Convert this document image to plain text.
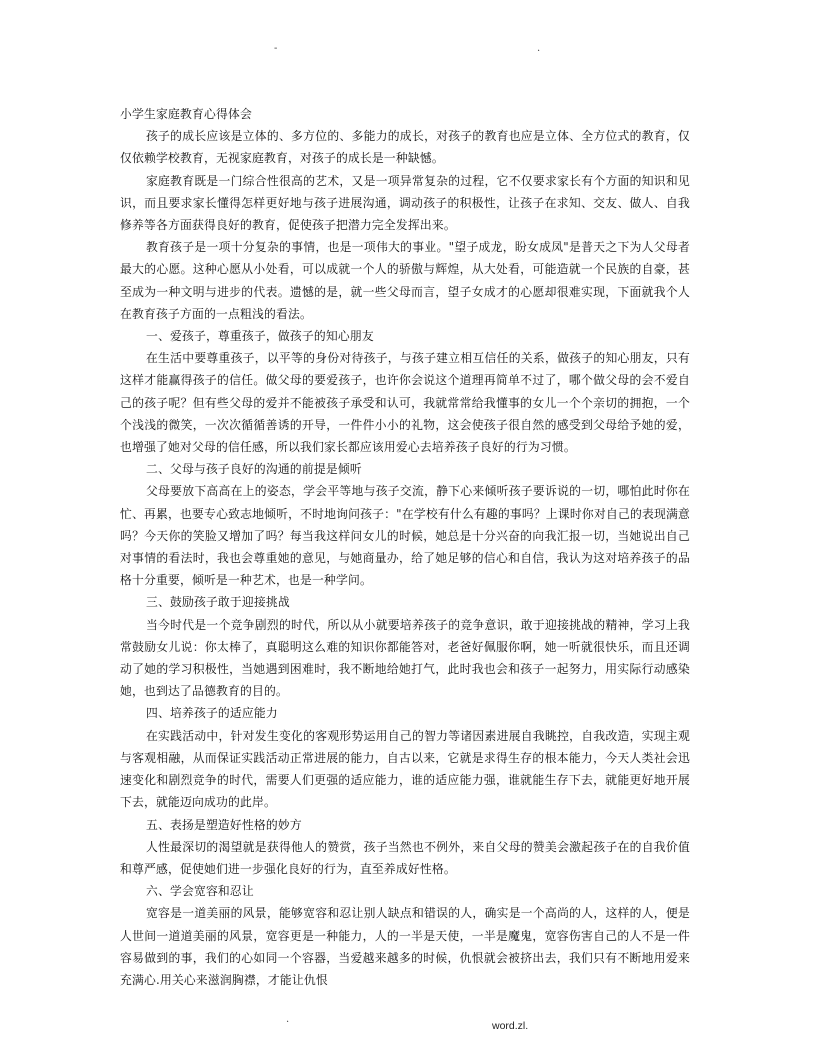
-	.

小学生家庭教育心得体会

孩子的成长应该是立体的、多方位的、多能力的成长，对孩子的教育也应是立体、全方位式的教育，仅仅依赖学校教育，无视家庭教育，对孩子的成长是一种缺憾。

家庭教育既是一门综合性很高的艺术，又是一项异常复杂的过程，它不仅要求家长有个方面的知识和见识，而且要求家长懂得怎样更好地与孩子进展沟通，调动孩子的积极性，让孩子在求知、交友、做人、自我修养等各方面获得良好的教育，促使孩子把潜力完全发挥出来。

教育孩子是一项十分复杂的事情，也是一项伟大的事业。"望子成龙，盼女成凤"是普天之下为人父母者最大的心愿。这种心愿从小处看，可以成就一个人的骄傲与辉煌，从大处看，可能造就一个民族的自豪，甚至成为一种文明与进步的代表。遗憾的是，就一些父母而言，望子女成才的心愿却很难实现，下面就我个人在教育孩子方面的一点粗浅的看法。

一、爱孩子，尊重孩子，做孩子的知心朋友

在生活中要尊重孩子，以平等的身份对待孩子，与孩子建立相互信任的关系，做孩子的知心朋友，只有这样才能赢得孩子的信任。做父母的要爱孩子，也许你会说这个道理再简单不过了，哪个做父母的会不爱自己的孩子呢？但有些父母的爱并不能被孩子承受和认可，我就常常给我懂事的女儿一个个亲切的拥抱，一个个浅浅的微笑，一次次循循善诱的开导，一件件小小的礼物，这会使孩子很自然的感受到父母给予她的爱，也增强了她对父母的信任感，所以我们家长都应该用爱心去培养孩子良好的行为习惯。

二、父母与孩子良好的沟通的前提是倾听

父母要放下高高在上的姿态，学会平等地与孩子交流，静下心来倾听孩子要诉说的一切，哪怕此时你在忙、再累，也要专心致志地倾听，不时地询问孩子："在学校有什么有趣的事吗？上课时你对自己的表现满意吗？今天你的笑脸又增加了吗？每当我这样问女儿的时候，她总是十分兴奋的向我汇报一切，当她说出自己对事情的看法时，我也会尊重她的意见，与她商量办，给了她足够的信心和自信，我认为这对培养孩子的品格十分重要，倾听是一种艺术，也是一种学问。

三、鼓励孩子敢于迎接挑战

当今时代是一个竞争剧烈的时代，所以从小就要培养孩子的竞争意识，敢于迎接挑战的精神，学习上我常鼓励女儿说：你太棒了，真聪明这么难的知识你都能答对，老爸好佩服你啊，她一听就很快乐，而且还调动了她的学习积极性，当她遇到困难时，我不断地给她打气，此时我也会和孩子一起努力，用实际行动感染她，也到达了品德教育的目的。

四、培养孩子的适应能力

在实践活动中，针对发生变化的客观形势运用自己的智力等诸因素进展自我眺控，自我改造，实现主观与客观相融，从而保证实践活动正常进展的能力，自古以来，它就是求得生存的根本能力，今天人类社会迅速变化和剧烈竞争的时代，需要人们更强的适应能力，谁的适应能力强，谁就能生存下去，就能更好地开展下去，就能迈向成功的此岸。

五、表扬是塑造好性格的妙方

人性最深切的渴望就是获得他人的赞赏，孩子当然也不例外，来自父母的赞美会激起孩子在的自我价值和尊严感，促使她们进一步强化良好的行为，直至养成好性格。

六、学会宽容和忍让

宽容是一道美丽的风景，能够宽容和忍让别人缺点和错误的人，确实是一个高尚的人，这样的人，便是人世间一道道美丽的风景，宽容更是一种能力，人的一半是天使，一半是魔鬼，宽容伤害自己的人不是一件容易做到的事，我们的心如同一个容器，当爱越来越多的时候，仇恨就会被挤出去，我们只有不断地用爱来充满心.用关心来滋润胸襟，才能让仇恨

.
word.zl.
